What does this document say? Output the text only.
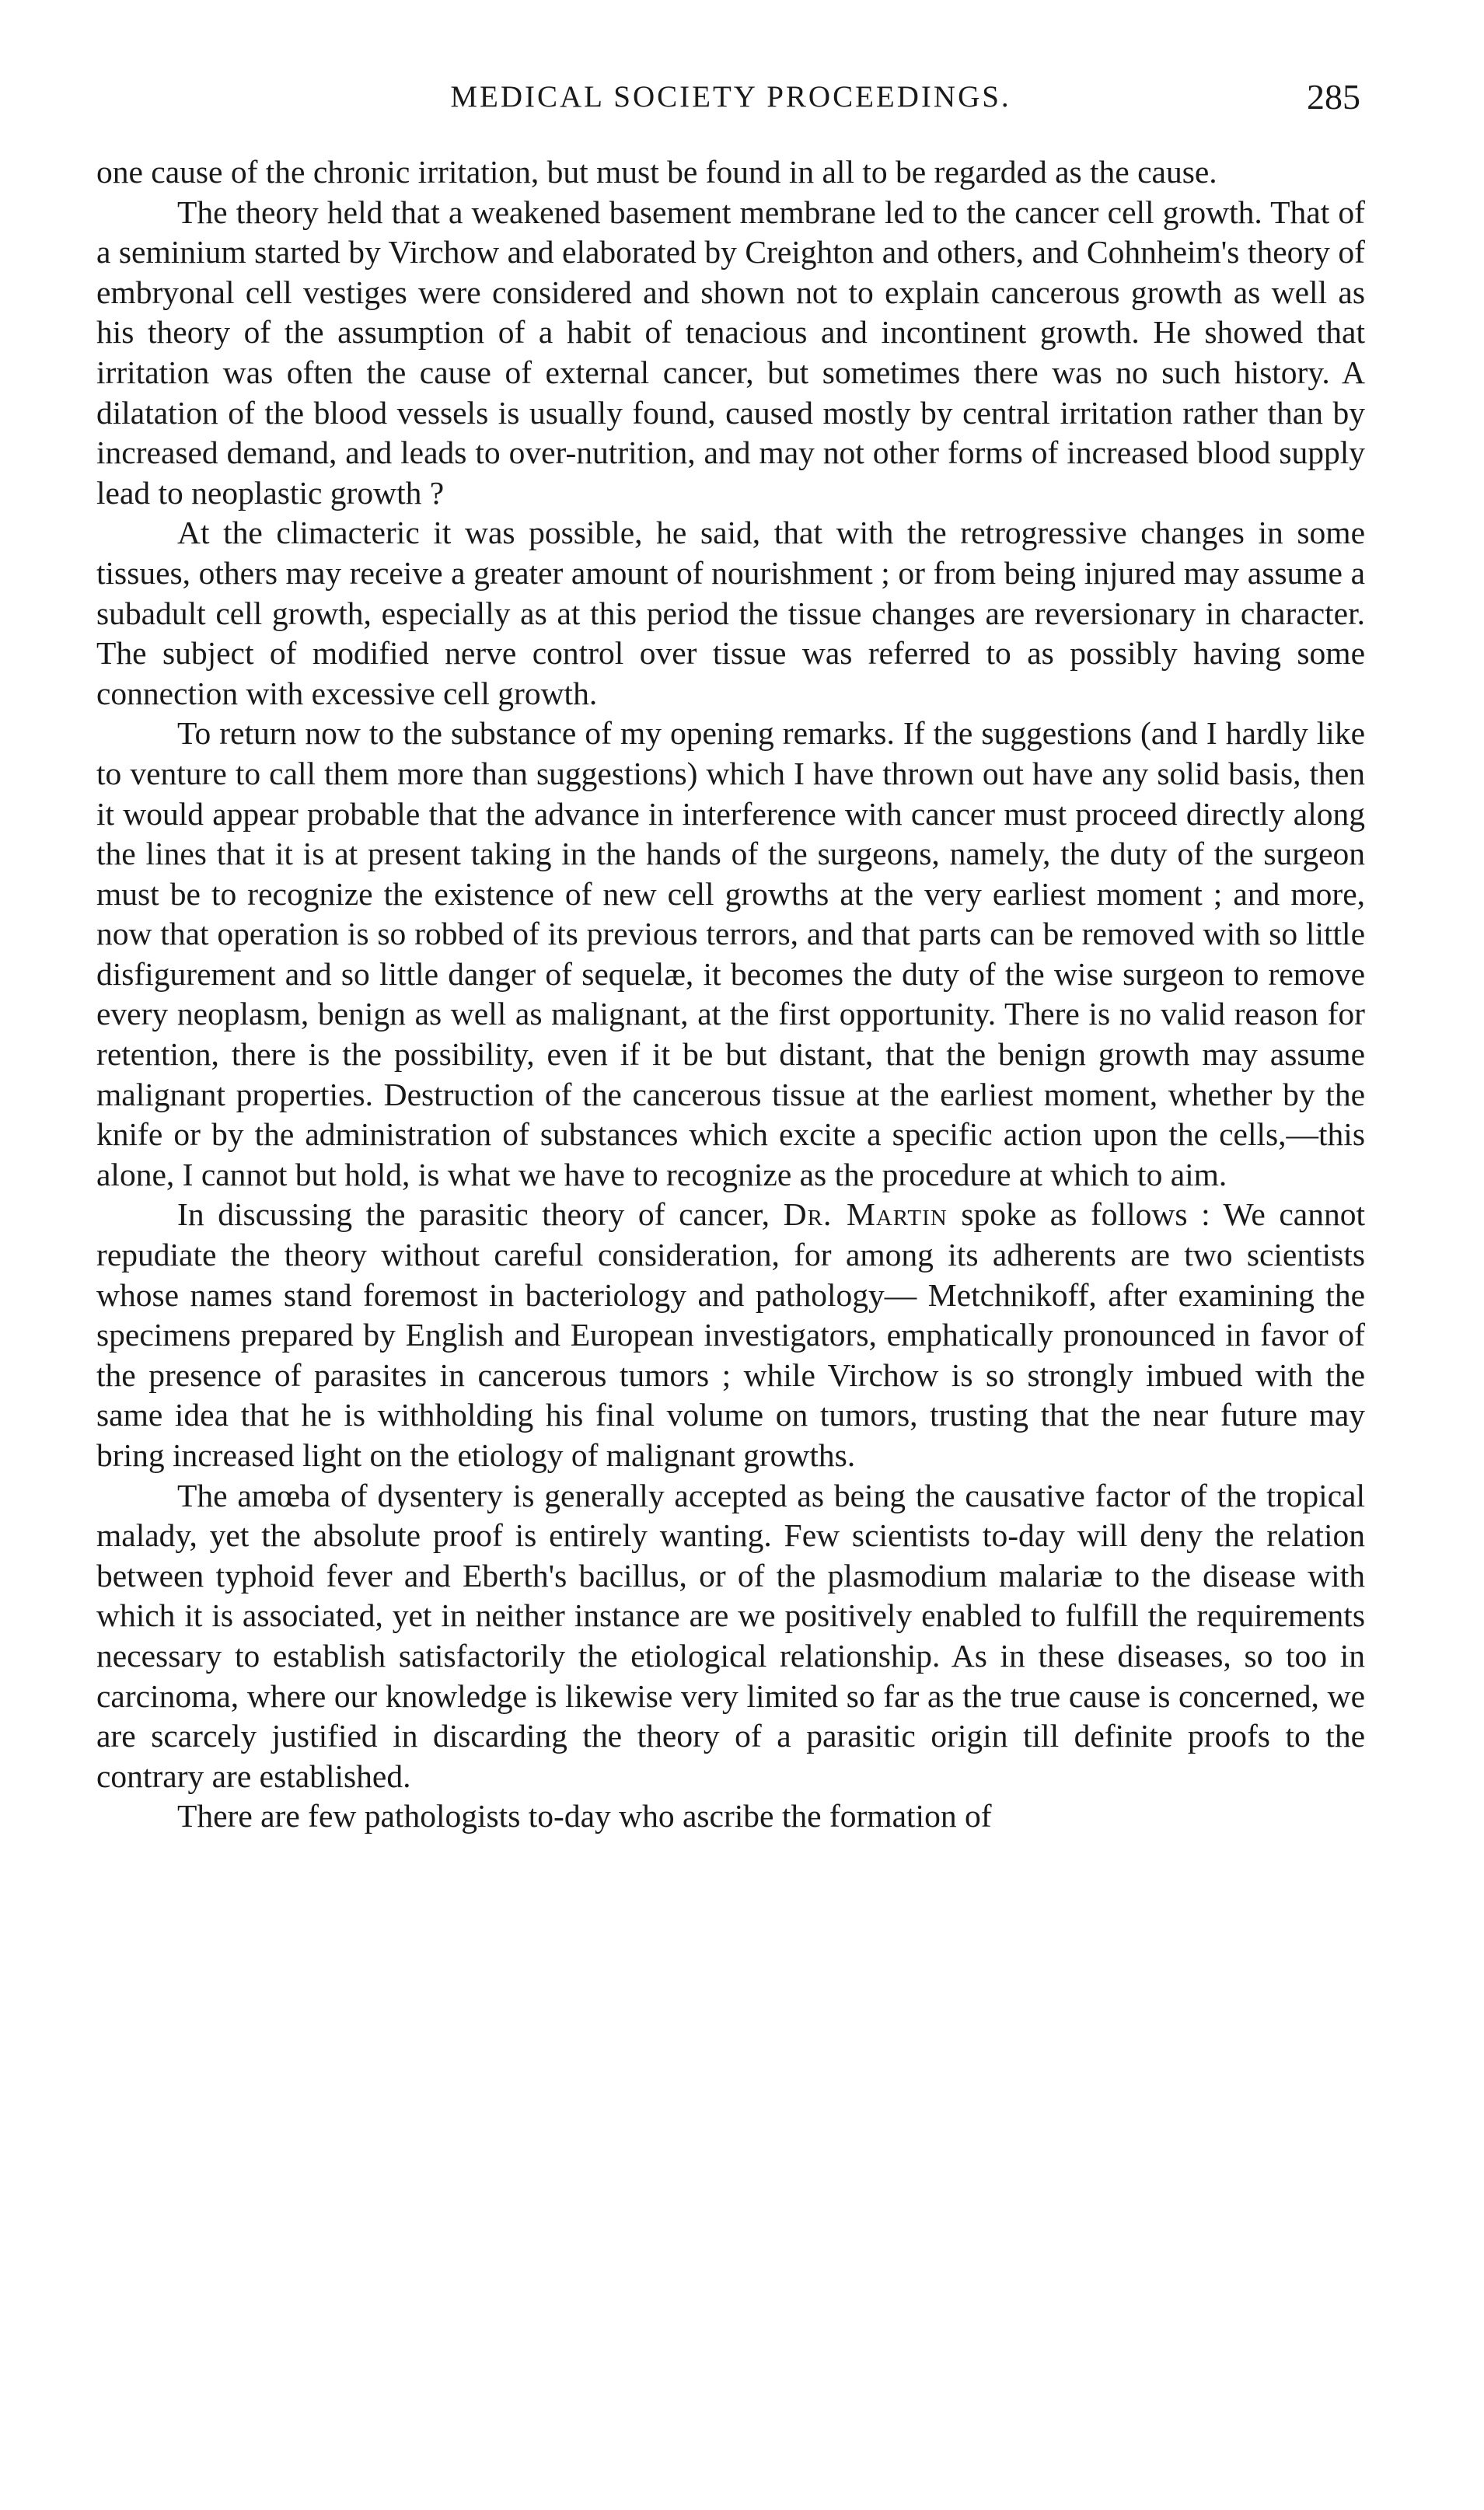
MEDICAL SOCIETY PROCEEDINGS.	285

one cause of the chronic irritation, but must be found in all to be regarded as the cause.

The theory held that a weakened basement membrane led to the cancer cell growth. That of a seminium started by Virchow and elaborated by Creighton and others, and Cohnheim's theory of embryonal cell vestiges were considered and shown not to explain cancerous growth as well as his theory of the assumption of a habit of tenacious and incontinent growth. He showed that irritation was often the cause of external cancer, but sometimes there was no such history. A dilatation of the blood vessels is usually found, caused mostly by central irritation rather than by increased demand, and leads to over-nutrition, and may not other forms of increased blood supply lead to neoplastic growth ?

At the climacteric it was possible, he said, that with the retrogressive changes in some tissues, others may receive a greater amount of nourishment ; or from being injured may assume a subadult cell growth, especially as at this period the tissue changes are reversionary in character. The subject of modified nerve control over tissue was referred to as possibly having some connection with excessive cell growth.

To return now to the substance of my opening remarks. If the suggestions (and I hardly like to venture to call them more than suggestions) which I have thrown out have any solid basis, then it would appear probable that the advance in interference with cancer must proceed directly along the lines that it is at present taking in the hands of the surgeons, namely, the duty of the surgeon must be to recognize the existence of new cell growths at the very earliest moment ; and more, now that operation is so robbed of its previous terrors, and that parts can be removed with so little disfigurement and so little danger of sequelæ, it becomes the duty of the wise surgeon to remove every neoplasm, benign as well as malignant, at the first opportunity. There is no valid reason for retention, there is the possibility, even if it be but distant, that the benign growth may assume malignant properties. Destruction of the cancerous tissue at the earliest moment, whether by the knife or by the administration of substances which excite a specific action upon the cells,—this alone, I cannot but hold, is what we have to recognize as the procedure at which to aim.

In discussing the parasitic theory of cancer, Dr. Martin spoke as follows : We cannot repudiate the theory without careful consideration, for among its adherents are two scientists whose names stand foremost in bacteriology and pathology— Metchnikoff, after examining the specimens prepared by English and European investigators, emphatically pronounced in favor of the presence of parasites in cancerous tumors ; while Virchow is so strongly imbued with the same idea that he is withholding his final volume on tumors, trusting that the near future may bring increased light on the etiology of malignant growths.

The amœba of dysentery is generally accepted as being the causative factor of the tropical malady, yet the absolute proof is entirely wanting. Few scientists to-day will deny the relation between typhoid fever and Eberth's bacillus, or of the plasmodium malariæ to the disease with which it is associated, yet in neither instance are we positively enabled to fulfill the requirements necessary to establish satisfactorily the etiological relationship. As in these diseases, so too in carcinoma, where our knowledge is likewise very limited so far as the true cause is concerned, we are scarcely justified in discarding the theory of a parasitic origin till definite proofs to the contrary are established.

There are few pathologists to-day who ascribe the formation of
